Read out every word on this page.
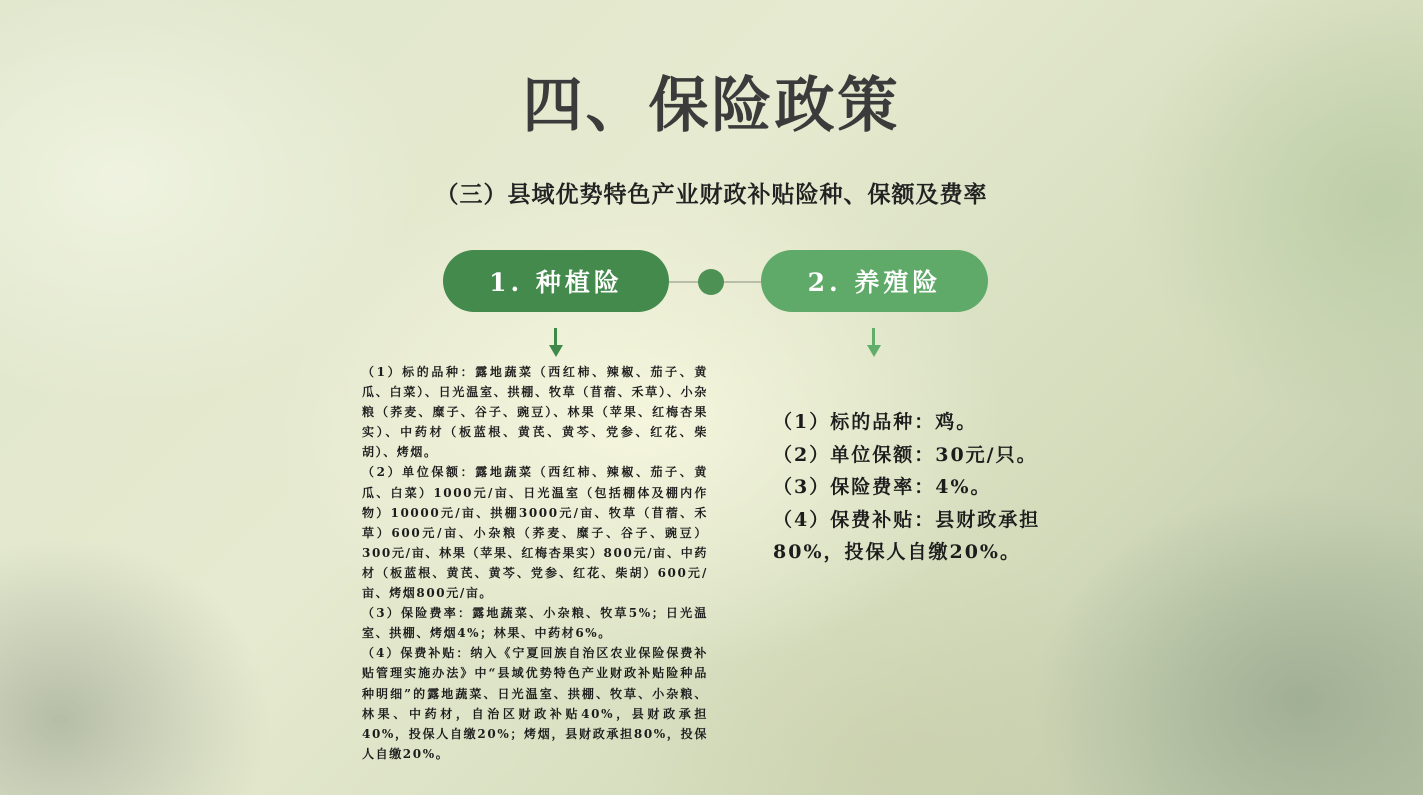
四、保险政策
（三）县域优势特色产业财政补贴险种、保额及费率
1. 种植险	2. 养殖险

（1）标的品种：露地蔬菜（西红柿、辣椒、茄子、黄瓜、白菜）、日光温室、拱棚、牧草（苜蓿、禾草）、小杂粮（荞麦、糜子、谷子、豌豆）、林果（苹果、红梅杏果实）、中药材（板蓝根、黄芪、黄芩、党参、红花、柴胡）、烤烟。

（2）单位保额：露地蔬菜（西红柿、辣椒、茄子、黄瓜、白菜）1000元/亩、日光温室（包括棚体及棚内作物）10000元/亩、拱棚3000元/亩、牧草（苜蓿、禾草）600元/亩、小杂粮（荞麦、糜子、谷子、豌豆）300元/亩、林果（苹果、红梅杏果实）800元/亩、中药材（板蓝根、黄芪、黄芩、党参、红花、柴胡）600元/亩、烤烟800元/亩。

（3）保险费率：露地蔬菜、小杂粮、牧草5%；日光温室、拱棚、烤烟4%；林果、中药材6%。

（4）保费补贴：纳入《宁夏回族自治区农业保险保费补贴管理实施办法》中“县域优势特色产业财政补贴险种品种明细”的露地蔬菜、日光温室、拱棚、牧草、小杂粮、林果、中药材，自治区财政补贴40%，县财政承担40%，投保人自缴20%；烤烟，县财政承担80%，投保人自缴20%。

（1）标的品种：鸡。

（2）单位保额：30元/只。

（3）保险费率：4%。

（4）保费补贴：县财政承担80%，投保人自缴20%。
